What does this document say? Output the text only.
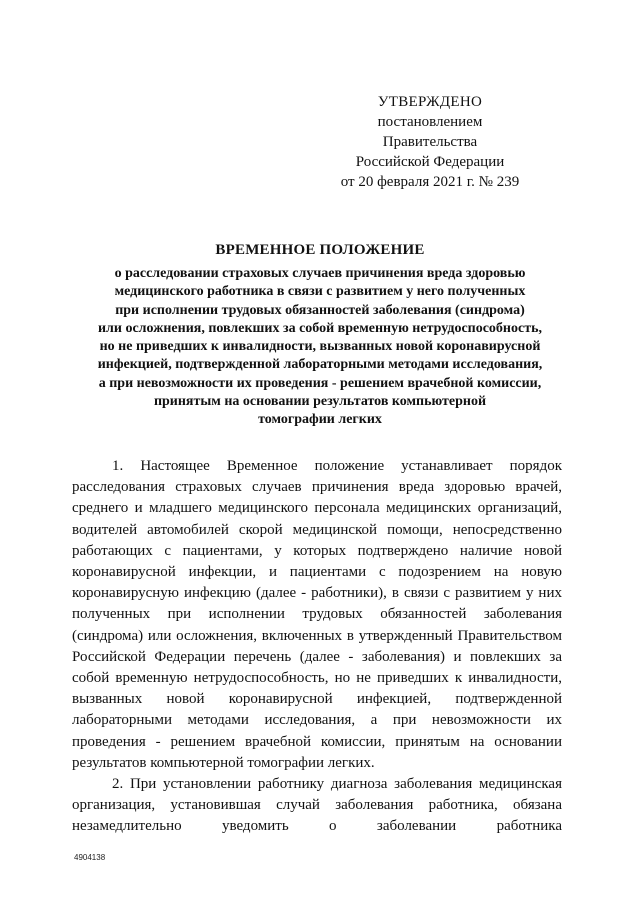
УТВЕРЖДЕНО
постановлением Правительства
Российской Федерации
от 20 февраля 2021 г. № 239
ВРЕМЕННОЕ ПОЛОЖЕНИЕ
о расследовании страховых случаев причинения вреда здоровью
медицинского работника в связи с развитием у него полученных
при исполнении трудовых обязанностей заболевания (синдрома)
или осложнения, повлекших за собой временную нетрудоспособность,
но не приведших к инвалидности, вызванных новой коронавирусной
инфекцией, подтвержденной лабораторными методами исследования,
а при невозможности их проведения - решением врачебной комиссии,
принятым на основании результатов компьютерной
томографии легких

1. Настоящее Временное положение устанавливает порядок расследования страховых случаев причинения вреда здоровью врачей, среднего и младшего медицинского персонала медицинских организаций, водителей автомобилей скорой медицинской помощи, непосредственно работающих с пациентами, у которых подтверждено наличие новой коронавирусной инфекции, и пациентами с подозрением на новую коронавирусную инфекцию (далее - работники), в связи с развитием у них полученных при исполнении трудовых обязанностей заболевания (синдрома) или осложнения, включенных в утвержденный Правительством Российской Федерации перечень (далее - заболевания) и повлекших за собой временную нетрудоспособность, но не приведших к инвалидности, вызванных новой коронавирусной инфекцией, подтвержденной лабораторными методами исследования, а при невозможности их проведения - решением врачебной комиссии, принятым на основании результатов компьютерной томографии легких.

2. При установлении работнику диагноза заболевания медицинская организация, установившая случай заболевания работника, обязана незамедлительно уведомить о заболевании работника

4904138
